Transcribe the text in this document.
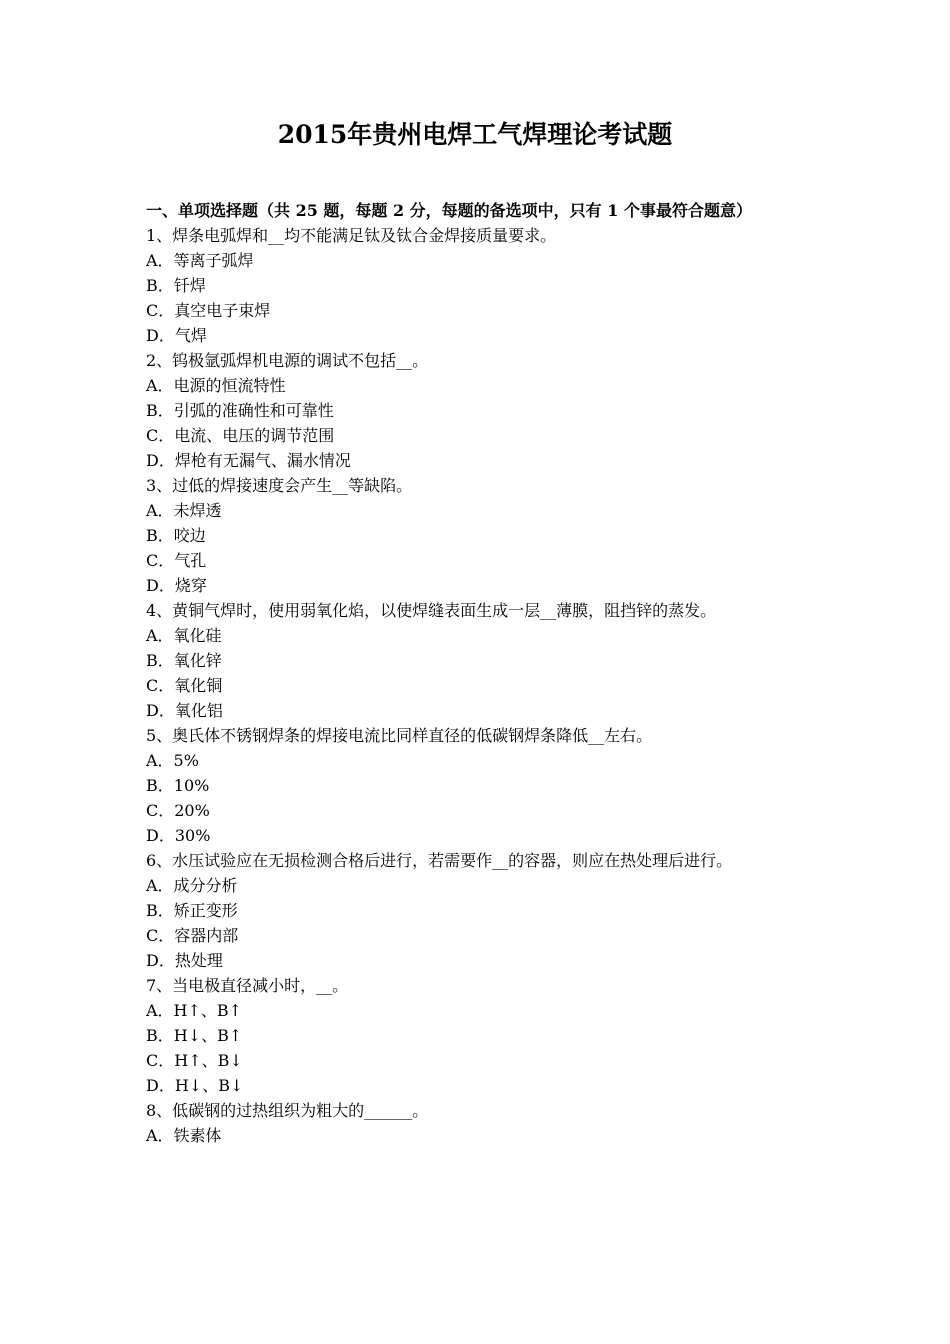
2015年贵州电焊工气焊理论考试题

一、单项选择题（共 25 题，每题 2 分，每题的备选项中，只有 1 个事最符合题意）

1、焊条电弧焊和__均不能满足钛及钛合金焊接质量要求。

A．等离子弧焊

B．钎焊

C．真空电子束焊

D．气焊

2、钨极氩弧焊机电源的调试不包括__。

A．电源的恒流特性

B．引弧的准确性和可靠性

C．电流、电压的调节范围

D．焊枪有无漏气、漏水情况

3、过低的焊接速度会产生__等缺陷。

A．未焊透

B．咬边

C．气孔

D．烧穿

4、黄铜气焊时，使用弱氧化焰，以使焊缝表面生成一层__薄膜，阻挡锌的蒸发。

A．氧化硅

B．氧化锌

C．氧化铜

D．氧化铝

5、奥氏体不锈钢焊条的焊接电流比同样直径的低碳钢焊条降低__左右。

A．5%

B．10%

C．20%

D．30%

6、水压试验应在无损检测合格后进行，若需要作__的容器，则应在热处理后进行。

A．成分分析

B．矫正变形

C．容器内部

D．热处理

7、当电极直径减小时，__。

A．H↑、B↑

B．H↓、B↑

C．H↑、B↓

D．H↓、B↓

8、低碳钢的过热组织为粗大的______。

A．铁素体
